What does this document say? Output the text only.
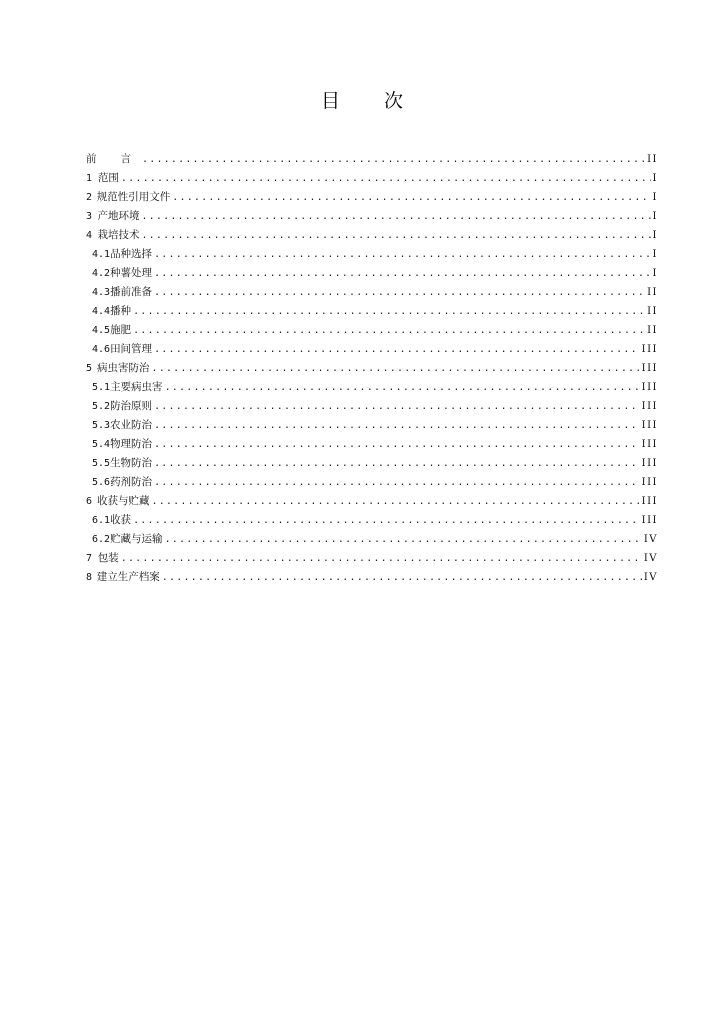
目 次
前 言 .....	II
1 范围 .....	I
2 规范性引用文件 .....	I
3 产地环境 .....	I
4 栽培技术 .....	I
4.1 品种选择 .....	I
4.2 种薯处理 .....	I
4.3 播前准备 .....	II
4.4 播种 .....	II
4.5 施肥 .....	II
4.6 田间管理 .....	III
5 病虫害防治 .....	III
5.1 主要病虫害 .....	III
5.2 防治原则 .....	III
5.3 农业防治 .....	III
5.4 物理防治 .....	III
5.5 生物防治 .....	III
5.6 药剂防治 .....	III
6 收获与贮藏 .....	III
6.1 收获 .....	III
6.2 贮藏与运输 .....	IV
7 包装 .....	IV
8 建立生产档案 .....	IV
